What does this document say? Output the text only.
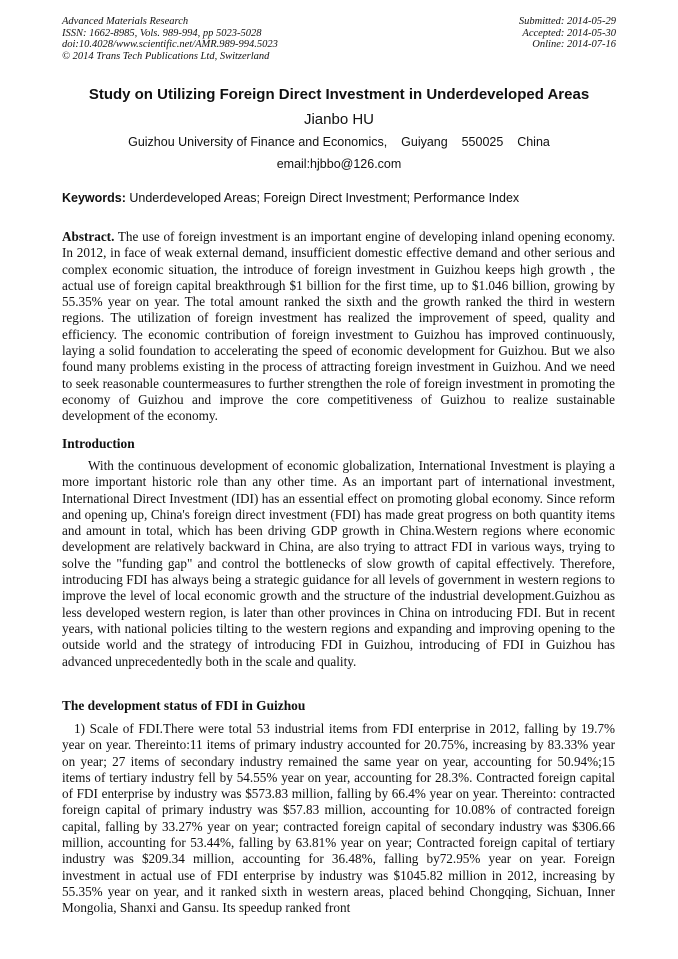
Advanced Materials Research
ISSN: 1662-8985, Vols. 989-994, pp 5023-5028
doi:10.4028/www.scientific.net/AMR.989-994.5023
© 2014 Trans Tech Publications Ltd, Switzerland
Submitted: 2014-05-29
Accepted: 2014-05-30
Online: 2014-07-16
Study on Utilizing Foreign Direct Investment in Underdeveloped Areas
Jianbo HU
Guizhou University of Finance and Economics,    Guiyang    550025    China
email:hjbbo@126.com
Keywords: Underdeveloped Areas; Foreign Direct Investment; Performance Index

Abstract. The use of foreign investment is an important engine of developing inland opening economy. In 2012, in face of weak external demand, insufficient domestic effective demand and other serious and complex economic situation, the introduce of foreign investment in Guizhou keeps high growth , the actual use of foreign capital breakthrough $1 billion for the first time, up to $1.046 billion, growing by 55.35% year on year. The total amount ranked the sixth and the growth ranked the third in western regions. The utilization of foreign investment has realized the improvement of speed, quality and efficiency. The economic contribution of foreign investment to Guizhou has improved continuously, laying a solid foundation to accelerating the speed of economic development for Guizhou. But we also found many problems existing in the process of attracting foreign investment in Guizhou. And we need to seek reasonable countermeasures to further strengthen the role of foreign investment in promoting the economy of Guizhou and improve the core competitiveness of Guizhou to realize sustainable development of the economy.

Introduction

With the continuous development of economic globalization, International Investment is playing a more important historic role than any other time. As an important part of international investment, International Direct Investment (IDI) has an essential effect on promoting global economy. Since reform and opening up, China's foreign direct investment (FDI) has made great progress on both quantity items and amount in total, which has been driving GDP growth in China.Western regions where economic development are relatively backward in China, are also trying to attract FDI in various ways, trying to solve the "funding gap" and control the bottlenecks of slow growth of capital effectively. Therefore, introducing FDI has always being a strategic guidance for all levels of government in western regions to improve the level of local economic growth and the structure of the industrial development.Guizhou as less developed western region, is later than other provinces in China on introducing FDI. But in recent years, with national policies tilting to the western regions and expanding and improving opening to the outside world and the strategy of introducing FDI in Guizhou, introducing of FDI in Guizhou has advanced unprecedentedly both in the scale and quality.

The development status of FDI in Guizhou

1) Scale of FDI.There were total 53 industrial items from FDI enterprise in 2012, falling by 19.7% year on year. Thereinto:11 items of primary industry accounted for 20.75%, increasing by 83.33% year on year; 27 items of secondary industry remained the same year on year, accounting for 50.94%;15 items of tertiary industry fell by 54.55% year on year, accounting for 28.3%. Contracted foreign capital of FDI enterprise by industry was $573.83 million, falling by 66.4% year on year. Thereinto: contracted foreign capital of primary industry was $57.83 million, accounting for 10.08% of contracted foreign capital, falling by 33.27% year on year; contracted foreign capital of secondary industry was $306.66 million, accounting for 53.44%, falling by 63.81% year on year; Contracted foreign capital of tertiary industry was $209.34 million, accounting for 36.48%, falling by72.95% year on year. Foreign investment in actual use of FDI enterprise by industry was $1045.82 million in 2012, increasing by 55.35% year on year, and it ranked sixth in western areas, placed behind Chongqing, Sichuan, Inner Mongolia, Shanxi and Gansu. Its speedup ranked front
